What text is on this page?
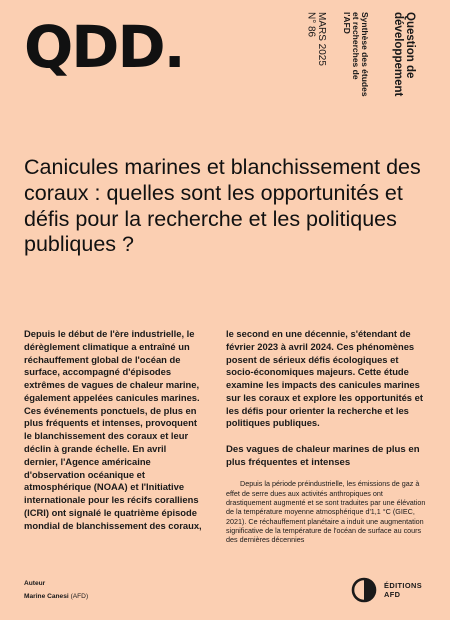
QDD.	MARS 2025
N° 86	Synthèse des études
et recherches de
l'AFD	Question de
développement
Canicules marines et blanchissement des coraux : quelles sont les opportunités et défis pour la recherche et les politiques publiques ?

Depuis le début de l'ère industrielle, le dérèglement climatique a entraîné un réchauffement global de l'océan de surface, accompagné d'épisodes extrêmes de vagues de chaleur marine, également appelées canicules marines. Ces événements ponctuels, de plus en plus fréquents et intenses, provoquent le blanchissement des coraux et leur déclin à grande échelle. En avril dernier, l'Agence américaine d'observation océanique et atmosphérique (NOAA) et l'Initiative internationale pour les récifs coralliens (ICRI) ont signalé le quatrième épisode mondial de blanchissement des coraux,

le second en une décennie, s'étendant de février 2023 à avril 2024. Ces phénomènes posent de sérieux défis écologiques et socio-économiques majeurs. Cette étude examine les impacts des canicules marines sur les coraux et explore les opportunités et les défis pour orienter la recherche et les politiques publiques.

Des vagues de chaleur marines de plus en plus fréquentes et intenses

Depuis la période préindustrielle, les émissions de gaz à effet de serre dues aux activités anthropiques ont drastiquement augmenté et se sont traduites par une élévation de la température moyenne atmosphérique d'1,1 °C (GIEC, 2021). Ce réchauffement planétaire a induit une augmentation significative de la température de l'océan de surface au cours des dernières décennies

Auteur
Marine Canesi (AFD)
ÉDITIONS
AFD
